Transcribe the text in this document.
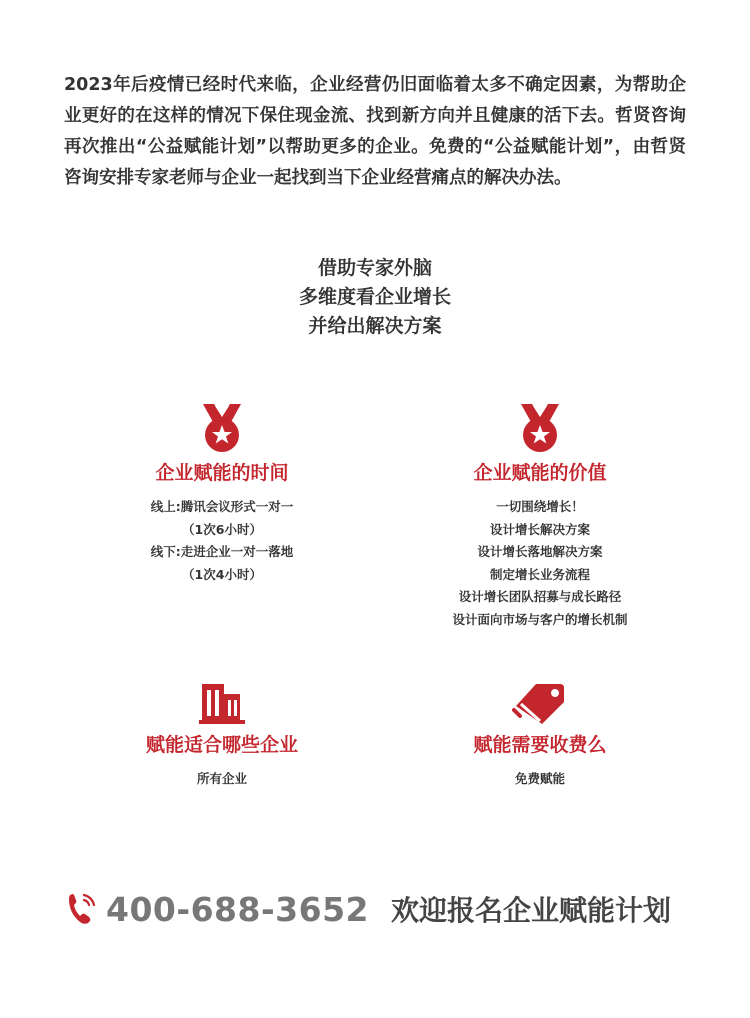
2023年后疫情已经时代来临，企业经营仍旧面临着太多不确定因素，为帮助企业更好的在这样的情况下保住现金流、找到新方向并且健康的活下去。哲贤咨询再次推出“公益赋能计划”以帮助更多的企业。免费的“公益赋能计划”，由哲贤咨询安排专家老师与企业一起找到当下企业经营痛点的解决办法。

借助专家外脑
多维度看企业增长
并给出解决方案
企业赋能的时间
线上:腾讯会议形式一对一
（1次6小时）
线下:走进企业一对一落地
（1次4小时）
企业赋能的价值
一切围绕增长！
设计增长解决方案
设计增长落地解决方案
制定增长业务流程
设计增长团队招募与成长路径
设计面向市场与客户的增长机制
赋能适合哪些企业
所有企业
赋能需要收费么
免费赋能
400-688-3652 欢迎报名企业赋能计划
